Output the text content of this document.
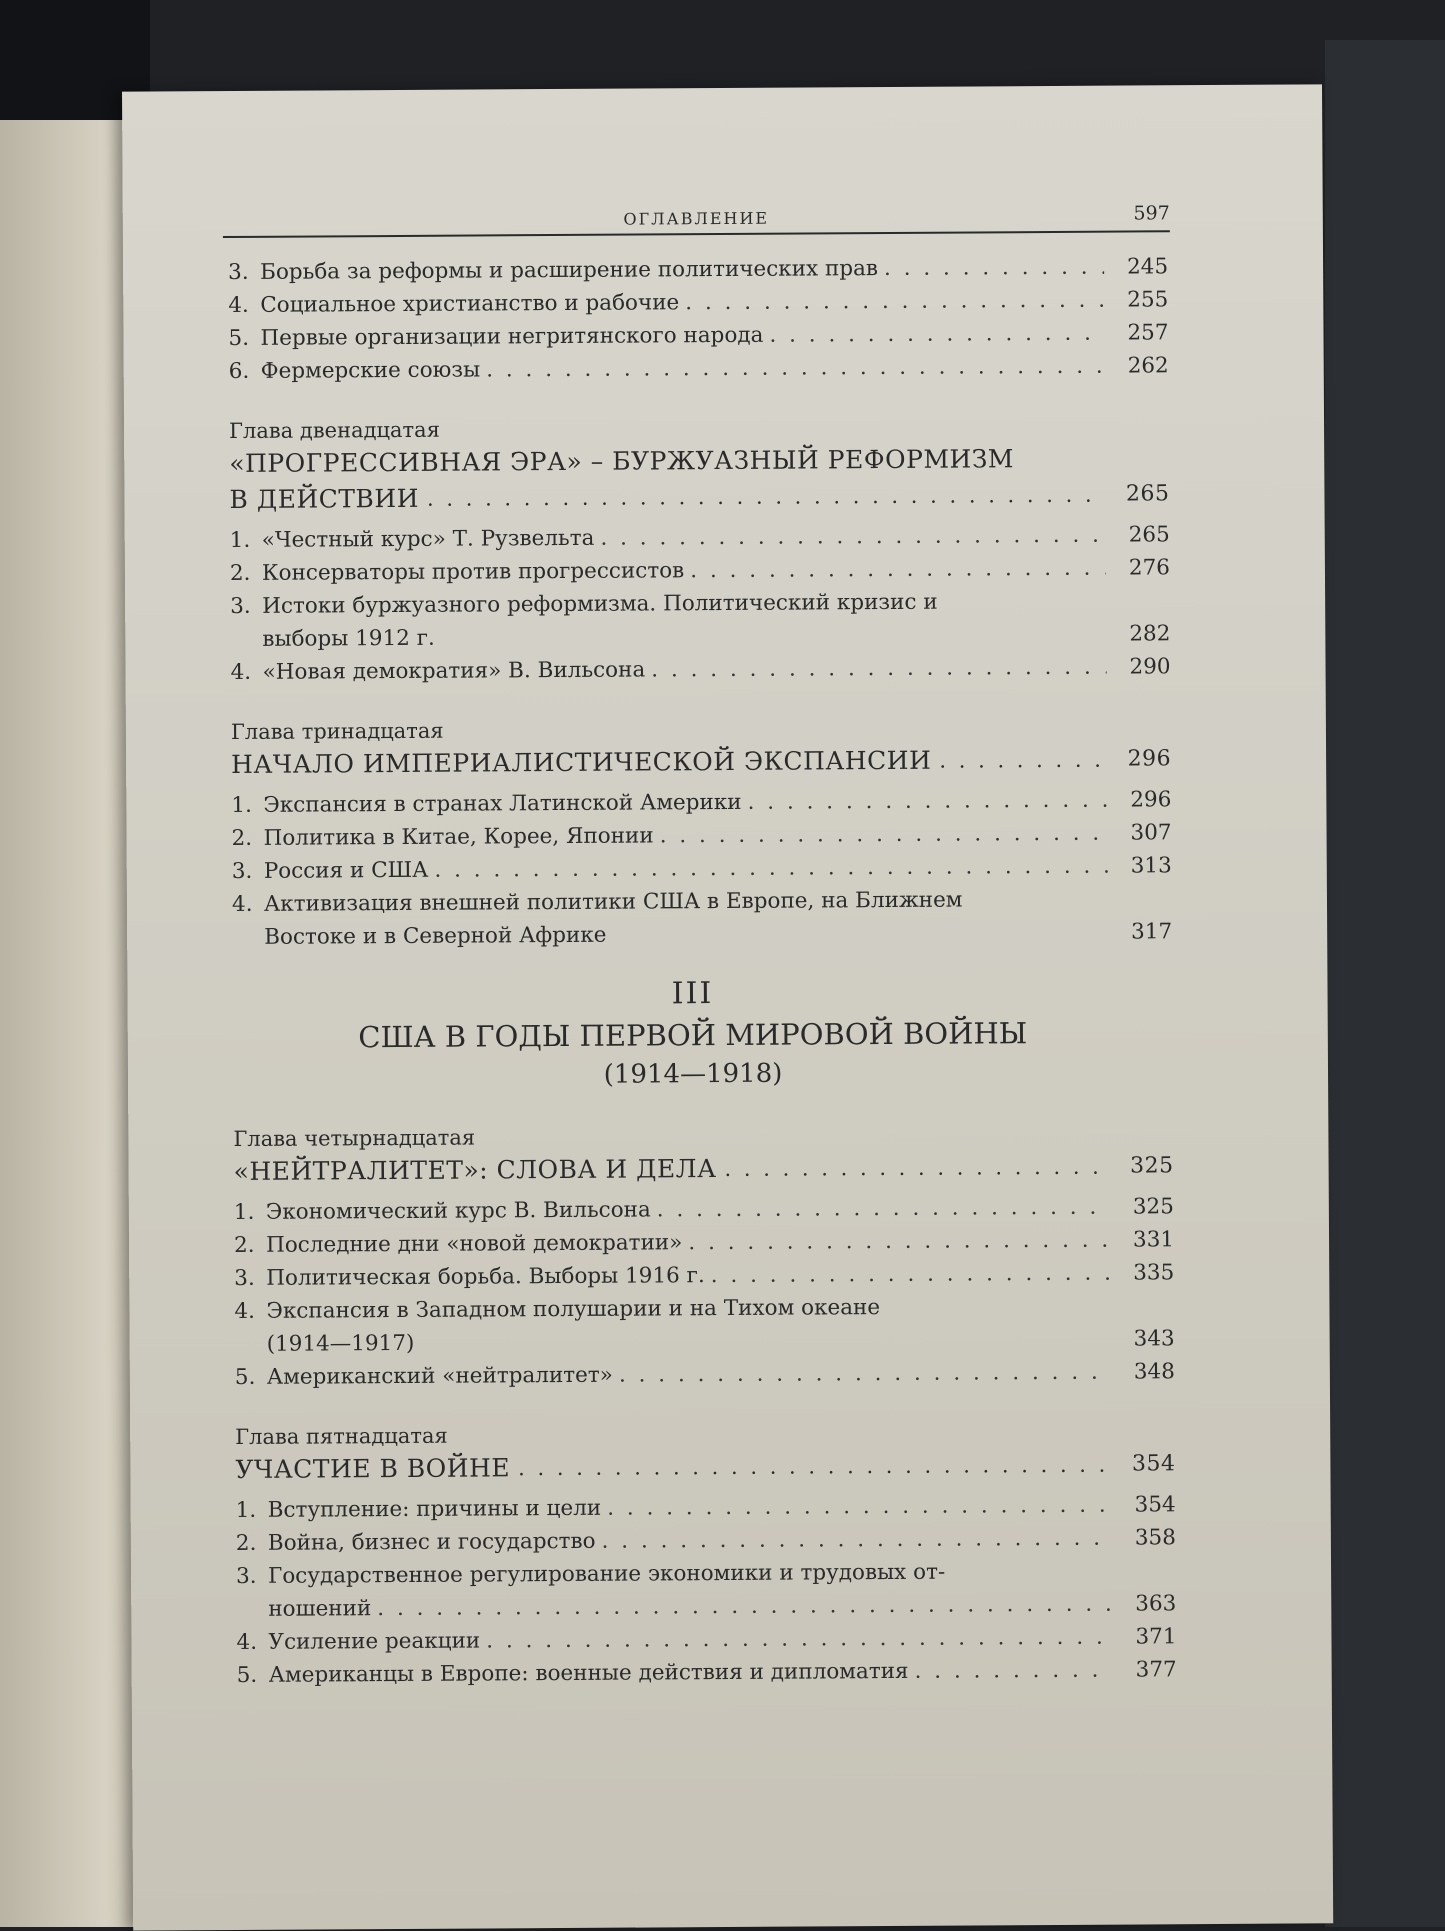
ОГЛАВЛЕНИЕ	597
3. Борьба за реформы и расширение политических прав . . .	245
4. Социальное христианство и рабочие . . .	255
5. Первые организации негритянского народа . . .	257
6. Фермерские союзы . . .	262
Глава двенадцатая
«ПРОГРЕССИВНАЯ ЭРА» – БУРЖУАЗНЫЙ РЕФОРМИЗМ
В ДЕЙСТВИИ . . .	265
1. «Честный курс» Т. Рузвельта . . .	265
2. Консерваторы против прогрессистов . . .	276
3. Истоки буржуазного реформизма. Политический кризис и
выборы 1912 г.	282
4. «Новая демократия» В. Вильсона . . .	290
Глава тринадцатая
НАЧАЛО ИМПЕРИАЛИСТИЧЕСКОЙ ЭКСПАНСИИ . . .	296
1. Экспансия в странах Латинской Америки . . .	296
2. Политика в Китае, Корее, Японии . . .	307
3. Россия и США . . .	313
4. Активизация внешней политики США в Европе, на Ближнем
Востоке и в Северной Африке	317
III
США В ГОДЫ ПЕРВОЙ МИРОВОЙ ВОЙНЫ
(1914—1918)
Глава четырнадцатая
«НЕЙТРАЛИТЕТ»: СЛОВА И ДЕЛА . . .	325
1. Экономический курс В. Вильсона . . .	325
2. Последние дни «новой демократии» . . .	331
3. Политическая борьба. Выборы 1916 г. . . .	335
4. Экспансия в Западном полушарии и на Тихом океане
(1914—1917)	343
5. Американский «нейтралитет» . . .	348
Глава пятнадцатая
УЧАСТИЕ В ВОЙНЕ . . .	354
1. Вступление: причины и цели . . .	354
2. Война, бизнес и государство . . .	358
3. Государственное регулирование экономики и трудовых от-
ношений . . .	363
4. Усиление реакции . . .	371
5. Американцы в Европе: военные действия и дипломатия . . .	377
